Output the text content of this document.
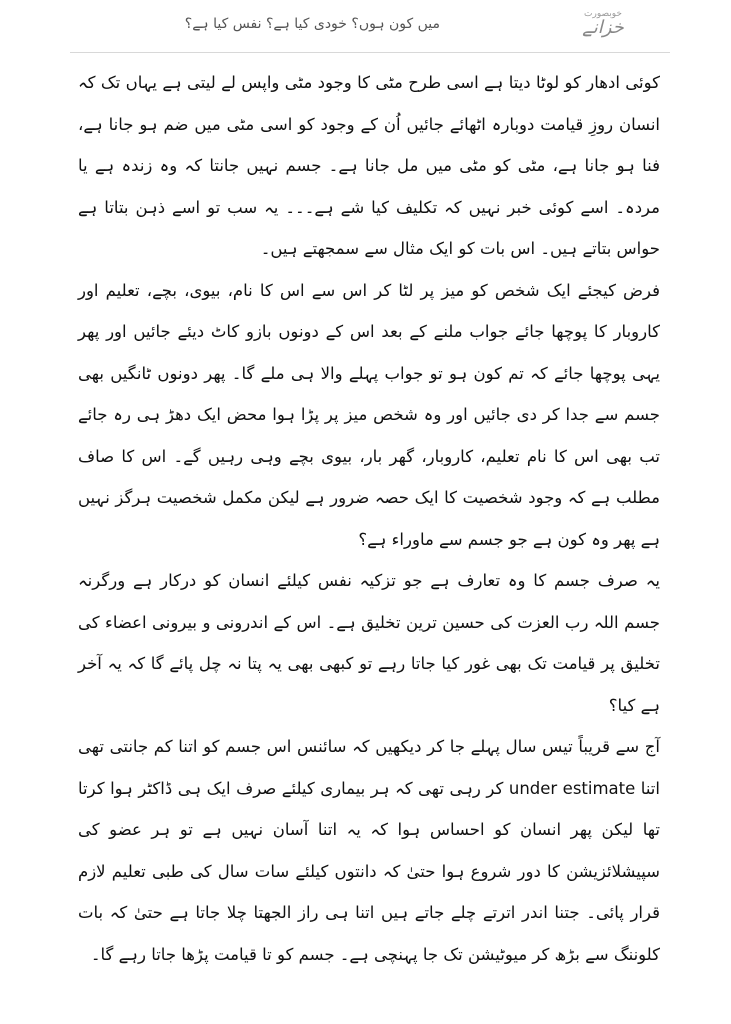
میں کون ہوں؟ خودی کیا ہے؟ نفس کیا ہے؟
خوبصورت
خزانے

کوئی ادھار کو لوٹا دیتا ہے اسی طرح مٹی کا وجود مٹی واپس لے لیتی ہے یہاں تک کہ انسان روزِ قیامت دوبارہ اٹھائے جائیں اُن کے وجود کو اسی مٹی میں ضم ہو جانا ہے، فنا ہو جانا ہے، مٹی کو مٹی میں مل جانا ہے۔ جسم نہیں جانتا کہ وہ زندہ ہے یا مردہ۔ اسے کوئی خبر نہیں کہ تکلیف کیا شے ہے۔۔۔ یہ سب تو اسے ذہن بتاتا ہے حواس بتاتے ہیں۔ اس بات کو ایک مثال سے سمجھتے ہیں۔

فرض کیجئے ایک شخص کو میز پر لٹا کر اس سے اس کا نام، بیوی، بچے، تعلیم اور کاروبار کا پوچھا جائے جواب ملنے کے بعد اس کے دونوں بازو کاٹ دیئے جائیں اور پھر یہی پوچھا جائے کہ تم کون ہو تو جواب پہلے والا ہی ملے گا۔ پھر دونوں ٹانگیں بھی جسم سے جدا کر دی جائیں اور وہ شخص میز پر پڑا ہوا محض ایک دھڑ ہی رہ جائے تب بھی اس کا نام تعلیم، کاروبار، گھر بار، بیوی بچے وہی رہیں گے۔ اس کا صاف مطلب ہے کہ وجود شخصیت کا ایک حصہ ضرور ہے لیکن مکمل شخصیت ہرگز نہیں ہے پھر وہ کون ہے جو جسم سے ماوراء ہے؟

یہ صرف جسم کا وہ تعارف ہے جو تزکیہ نفس کیلئے انسان کو درکار ہے ورگرنہ جسم اللہ رب العزت کی حسین ترین تخلیق ہے۔ اس کے اندرونی و بیرونی اعضاء کی تخلیق پر قیامت تک بھی غور کیا جاتا رہے تو کبھی بھی یہ پتا نہ چل پائے گا کہ یہ آخر ہے کیا؟

آج سے قریباً تیس سال پہلے جا کر دیکھیں کہ سائنس اس جسم کو اتنا کم جانتی تھی اتنا under estimate کر رہی تھی کہ ہر بیماری کیلئے صرف ایک ہی ڈاکٹر ہوا کرتا تھا لیکن پھر انسان کو احساس ہوا کہ یہ اتنا آسان نہیں ہے تو ہر عضو کی سپیشلائزیشن کا دور شروع ہوا حتیٰ کہ دانتوں کیلئے سات سال کی طبی تعلیم لازم قرار پائی۔ جتنا اندر اترتے چلے جاتے ہیں اتنا ہی راز الجھتا چلا جاتا ہے حتیٰ کہ بات کلوننگ سے بڑھ کر میوٹیشن تک جا پہنچی ہے۔ جسم کو تا قیامت پڑھا جاتا رہے گا۔
